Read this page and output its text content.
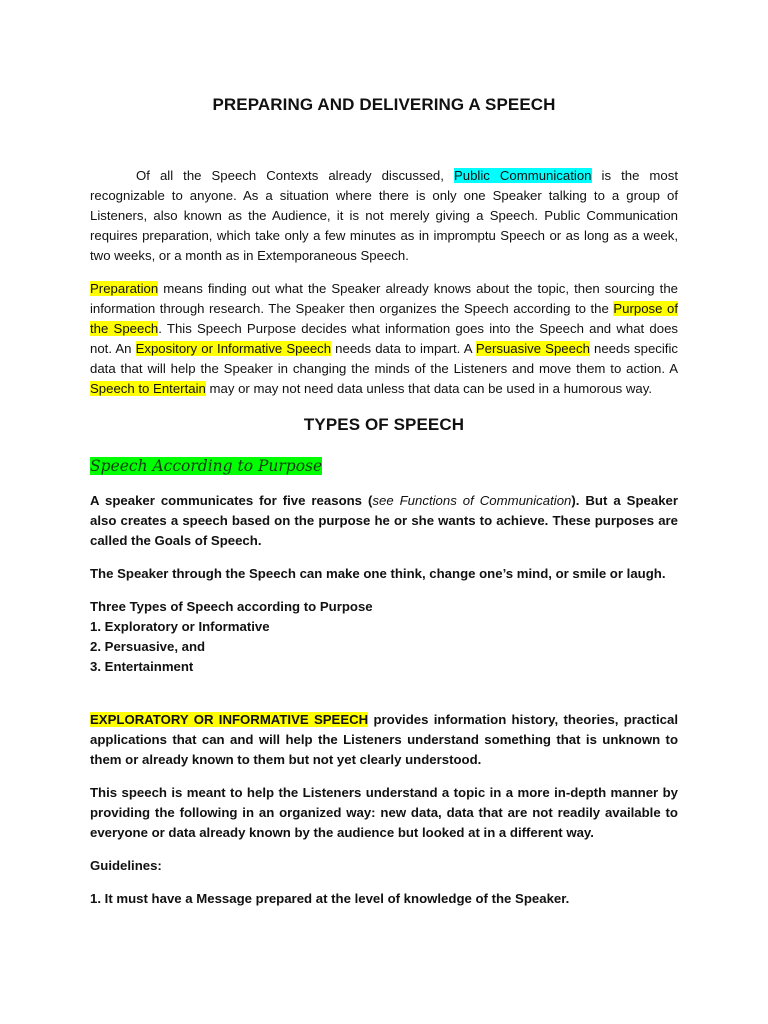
PREPARING AND DELIVERING A SPEECH

Of all the Speech Contexts already discussed, Public Communication is the most recognizable to anyone. As a situation where there is only one Speaker talking to a group of Listeners, also known as the Audience, it is not merely giving a Speech. Public Communication requires preparation, which take only a few minutes as in impromptu Speech or as long as a week, two weeks, or a month as in Extemporaneous Speech.

Preparation means finding out what the Speaker already knows about the topic, then sourcing the information through research. The Speaker then organizes the Speech according to the Purpose of the Speech. This Speech Purpose decides what information goes into the Speech and what does not. An Expository or Informative Speech needs data to impart. A Persuasive Speech needs specific data that will help the Speaker in changing the minds of the Listeners and move them to action. A Speech to Entertain may or may not need data unless that data can be used in a humorous way.

TYPES OF SPEECH
Speech According to Purpose

A speaker communicates for five reasons (see Functions of Communication). But a Speaker also creates a speech based on the purpose he or she wants to achieve. These purposes are called the Goals of Speech.

The Speaker through the Speech can make one think, change one’s mind, or smile or laugh.

Three Types of Speech according to Purpose
1. Exploratory or Informative
2. Persuasive, and
3. Entertainment

EXPLORATORY OR INFORMATIVE SPEECH provides information history, theories, practical applications that can and will help the Listeners understand something that is unknown to them or already known to them but not yet clearly understood.

This speech is meant to help the Listeners understand a topic in a more in-depth manner by providing the following in an organized way: new data, data that are not readily available to everyone or data already known by the audience but looked at in a different way.

Guidelines:

1. It must have a Message prepared at the level of knowledge of the Speaker.
